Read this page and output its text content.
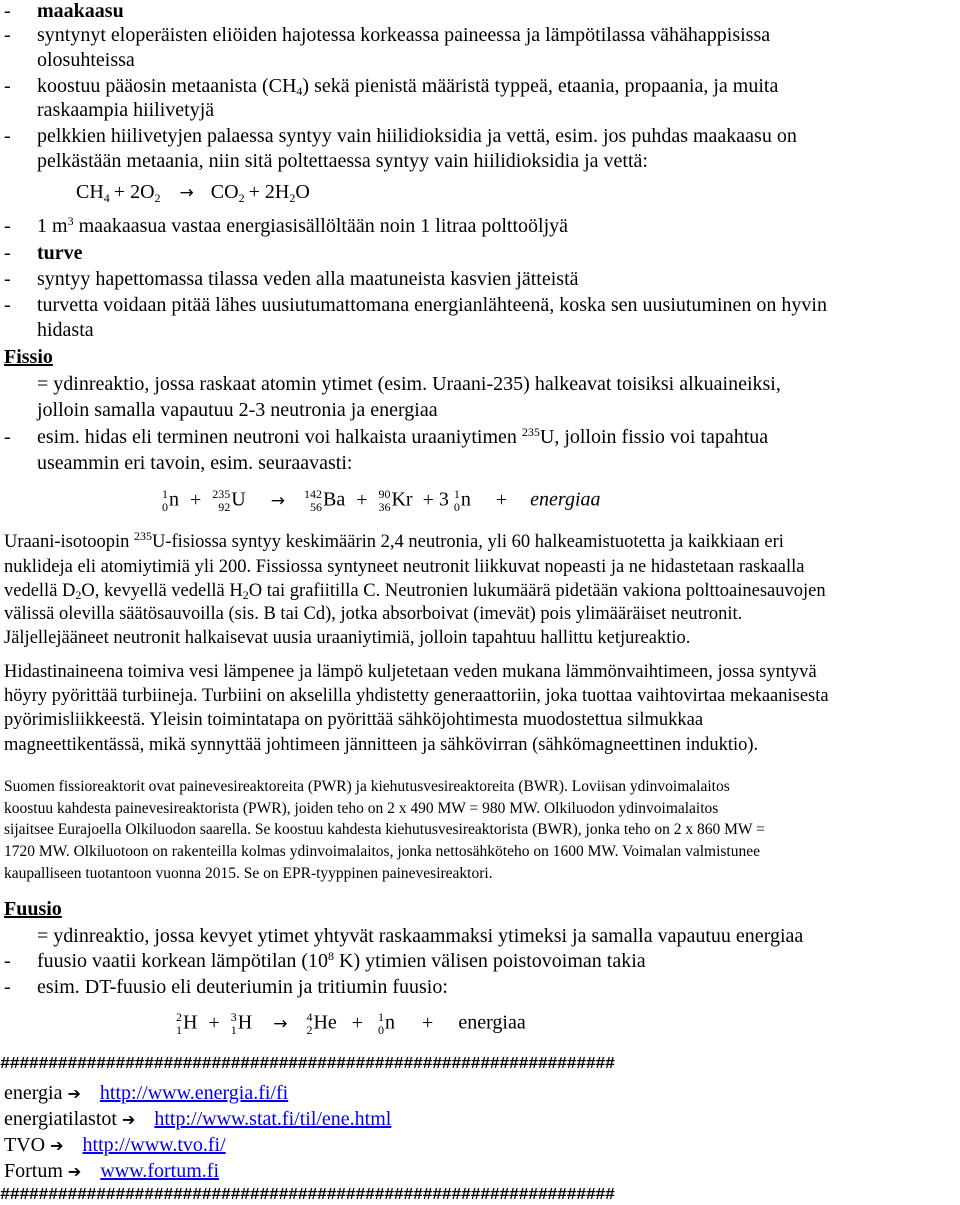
- maakaasu
- syntynyt eloperäisten eliöiden hajotessa korkeassa paineessa ja lämpötilassa vähähappisissa
olosuhteissa
- koostuu pääosin metaanista $(CH_4)$ sekä pienistä määristä typpeä, etaania, propaania, ja muita
raskaampia hiilivetyjä
- pelkkien hiilivetyjen palaessa syntyy vain hiilidioksidia ja vettä, esim. jos puhdas maakaasu on
pelkästään metaania, niin sitä poltettaessa syntyy vain hiilidioksidia ja vettä:
$CH_4 + 2O_2 \to CO_2 + 2H_2O$
- 1 $m^3$ maakaasua vastaa energiasisällöltään noin 1 litraa polttoöljyä
- turve
- syntyy hapettomassa tilassa veden alla maatuneista kasvien jätteistä
- turvetta voidaan pitää lähes uusiutumattomana energianlähteenä, koska sen uusiutuminen on hyvin
hidasta
Fissio
= ydinreaktio, jossa raskaat atomin ytimet (esim. Uraani-235) halkeavat toisiksi alkuaineiksi,
jolloin samalla vapautuu 2-3 neutronia ja energiaa
- esim. hidas eli terminen neutroni voi halkaista uraaniytimen $^{235}$U, jolloin fissio voi tapahtua
useammin eri tavoin, esim. seuraavasti:
1
0 n + 235
92 U → 142
56 Ba + 90
36 Kr + 3 1
0 n + energiaa
Uraani-isotoopin $^{235}$U-fisiossa syntyy keskimäärin 2,4 neutronia, yli 60 halkeamistuotetta ja kaikkiaan eri
nuklideja eli atomiytimiä yli 200. Fissiossa syntyneet neutronit liikkuvat nopeasti ja ne hidastetaan raskaalla
vedellä $D_2O$, kevyellä vedellä $H_2O$ tai grafiitilla C. Neutronien lukumäärä pidetään vakiona polttoainesauvojen
välissä olevilla säätösauvoilla (sis. B tai Cd), jotka absorboivat (imevät) pois ylimääräiset neutronit.
Jäljellejääneet neutronit halkaisevat uusia uraaniytimiä, jolloin tapahtuu hallittu ketjureaktio.
Hidastinaineena toimiva vesi lämpenee ja lämpö kuljetetaan veden mukana lämmönvaihtimeen, jossa syntyvä
höyry pyörittää turbiineja. Turbiini on akselilla yhdistetty generaattoriin, joka tuottaa vaihtovirtaa mekaanisesta
pyörimisliikkeestä. Yleisin toimintatapa on pyörittää sähköjohtimesta muodostettua silmukkaa
magneettikentässä, mikä synnyttää johtimeen jännitteen ja sähkövirran (sähkömagneettinen induktio).
Suomen fissioreaktorit ovat painevesireaktoreita (PWR) ja kiehutusvesireaktoreita (BWR). Loviisan ydinvoimalaitos
koostuu kahdesta painevesireaktorista (PWR), joiden teho on 2 x 490 MW = 980 MW. Olkiluodon ydinvoimalaitos
sijaitsee Eurajoella Olkiluodon saarella. Se koostuu kahdesta kiehutusvesireaktorista (BWR), jonka teho on 2 x 860 MW =
1720 MW. Olkiluotoon on rakenteilla kolmas ydinvoimalaitos, jonka nettosähköteho on 1600 MW. Voimalan valmistunee
kaupalliseen tuotantoon vuonna 2015. Se on EPR-tyyppinen painevesireaktori.
Fuusio
= ydinreaktio, jossa kevyet ytimet yhtyvät raskaammaksi ytimeksi ja samalla vapautuu energiaa
- fuusio vaatii korkean lämpötilan ($10^8$ K) ytimien välisen poistovoiman takia
- esim. DT-fuusio eli deuteriumin ja tritiumin fuusio:
2
1 H + 3
1 H → 4
2 He + 1
0 n + energiaa
################################################################
energia ➔ http://www.energia.fi/fi
energiatilastot ➔ http://www.stat.fi/til/ene.html
TVO ➔ http://www.tvo.fi/
Fortum ➔ www.fortum.fi
################################################################
